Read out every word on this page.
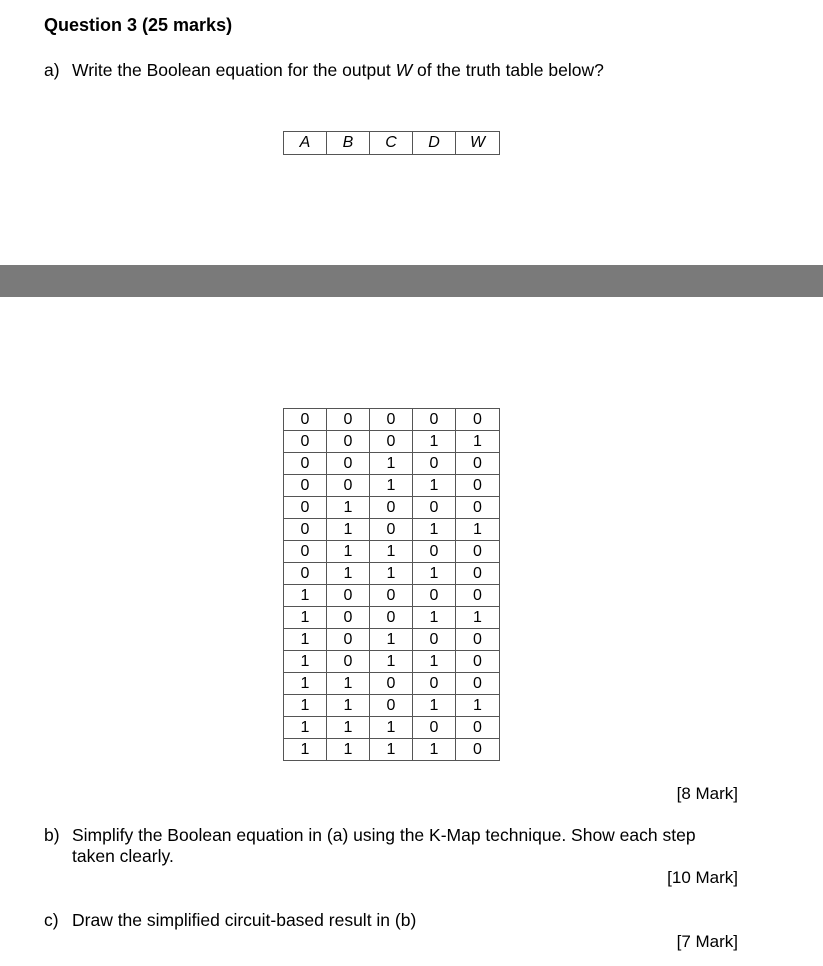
Question 3 (25 marks)
a) Write the Boolean equation for the output W of the truth table below?
A	B	C	D	W
0	0	0	0	0
0	0	0	1	1
0	0	1	0	0
0	0	1	1	0
0	1	0	0	0
0	1	0	1	1
0	1	1	0	0
0	1	1	1	0
1	0	0	0	0
1	0	0	1	1
1	0	1	0	0
1	0	1	1	0
1	1	0	0	0
1	1	0	1	1
1	1	1	0	0
1	1	1	1	0
[8 Mark]
b) Simplify the Boolean equation in (a) using the K-Map technique. Show each step
taken clearly.
[10 Mark]
c) Draw the simplified circuit-based result in (b)
[7 Mark]
